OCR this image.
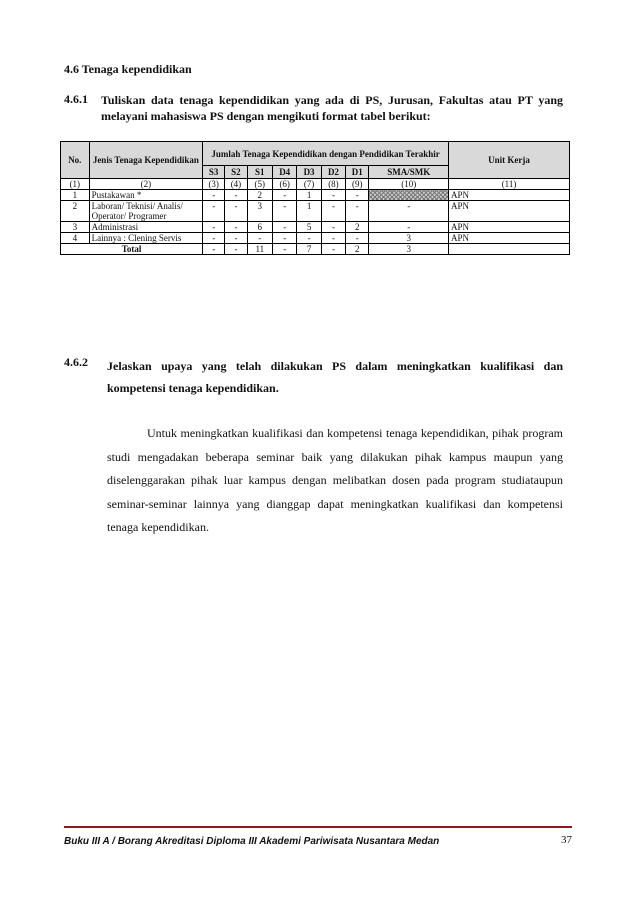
4.6 Tenaga kependidikan
4.6.1 Tuliskan data tenaga kependidikan yang ada di PS, Jurusan, Fakultas atau PT yang melayani mahasiswa PS dengan mengikuti format tabel berikut:
No.	Jenis Tenaga Kependidikan	Jumlah Tenaga Kependidikan dengan Pendidikan Terakhir								Unit Kerja
		S3	S2	S1	D4	D3	D2	D1	SMA/SMK	
(1)	(2)	(3)	(4)	(5)	(6)	(7)	(8)	(9)	(10)	(11)
1	Pustakawan *	-	-	2	-	1	-	-		APN
2	Laboran/ Teknisi/ Analis/ Operator/ Programer	-	-	3	-	1	-	-	-	APN
3	Administrasi	-	-	6	-	5	-	2	-	APN
4	Lainnya : Clening Servis	-	-	-	-	-	-	-	3	APN
Total		-	-	11	-	7	-	2	3	
4.6.2 Jelaskan upaya yang telah dilakukan PS dalam meningkatkan kualifikasi dan kompetensi tenaga kependidikan.
Untuk meningkatkan kualifikasi dan kompetensi tenaga kependidikan, pihak program studi mengadakan beberapa seminar baik yang dilakukan pihak kampus maupun yang diselenggarakan pihak luar kampus dengan melibatkan dosen pada program studiataupun seminar-seminar lainnya yang dianggap dapat meningkatkan kualifikasi dan kompetensi tenaga kependidikan.
Buku III A / Borang Akreditasi Diploma III Akademi Pariwisata Nusantara Medan	37
